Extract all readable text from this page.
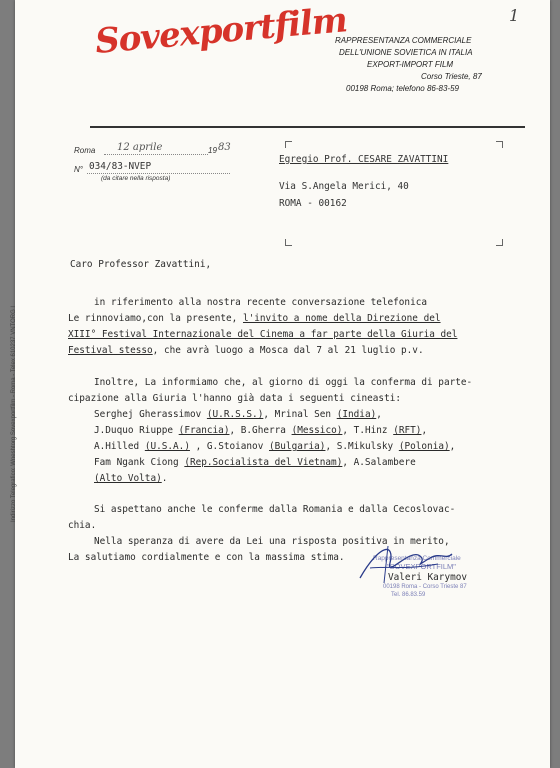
1
Sovexportfilm
RAPPRESENTANZA COMMERCIALE
DELL'UNIONE SOVIETICA IN ITALIA
EXPORT-IMPORT FILM
Corso Trieste, 87
00198 Roma; telefono 86-83-59
Roma 12 aprile	19 83
N° 034/83-NVEP
(da citare nella risposta)
Egregio Prof. CESARE ZAVATTINI
Via S.Angela Merici, 40
ROMA - 00162
Caro Professor Zavattini,
in riferimento alla nostra recente conversazione telefonica
Le rinnoviamo,con la presente, l'invito a nome della Direzione del
XIII° Festival Internazionale del Cinema a far parte della Giuria del
Festival stesso, che avrà luogo a Mosca dal 7 al 21 luglio p.v.
Inoltre, La informiamo che, al giorno di oggi la conferma di parte-
cipazione alla Giuria l'hanno già data i seguenti cineasti:
Serghej Gherassimov (U.R.S.S.), Mrinal Sen (India),
J.Duquo Riuppe (Francia), B.Gherra (Messico), T.Hinz (RFT),
A.Hilled (U.S.A.) , G.Stoianov (Bulgaria), S.Mikulsky (Polonia),
Fam Ngank Ciong (Rep.Socialista del Vietnam), A.Salambere
(Alto Volta).
Si aspettano anche le conferme dalla Romania e dalla Cecoslovac-
chia.
Nella speranza di avere da Lei una risposta positiva in merito,
La salutiamo cordialmente e con la massima stima.	Rappresentanza Commerciale
"SOVEXPORTFILM"
00198 Roma - Corso Trieste 87
Tel. 86.83.59
Valeri Karymov
Indirizzo Telegrafico: Wneshtorg Sovexportfilm - Roma - Telex 610237 VNTORG I
